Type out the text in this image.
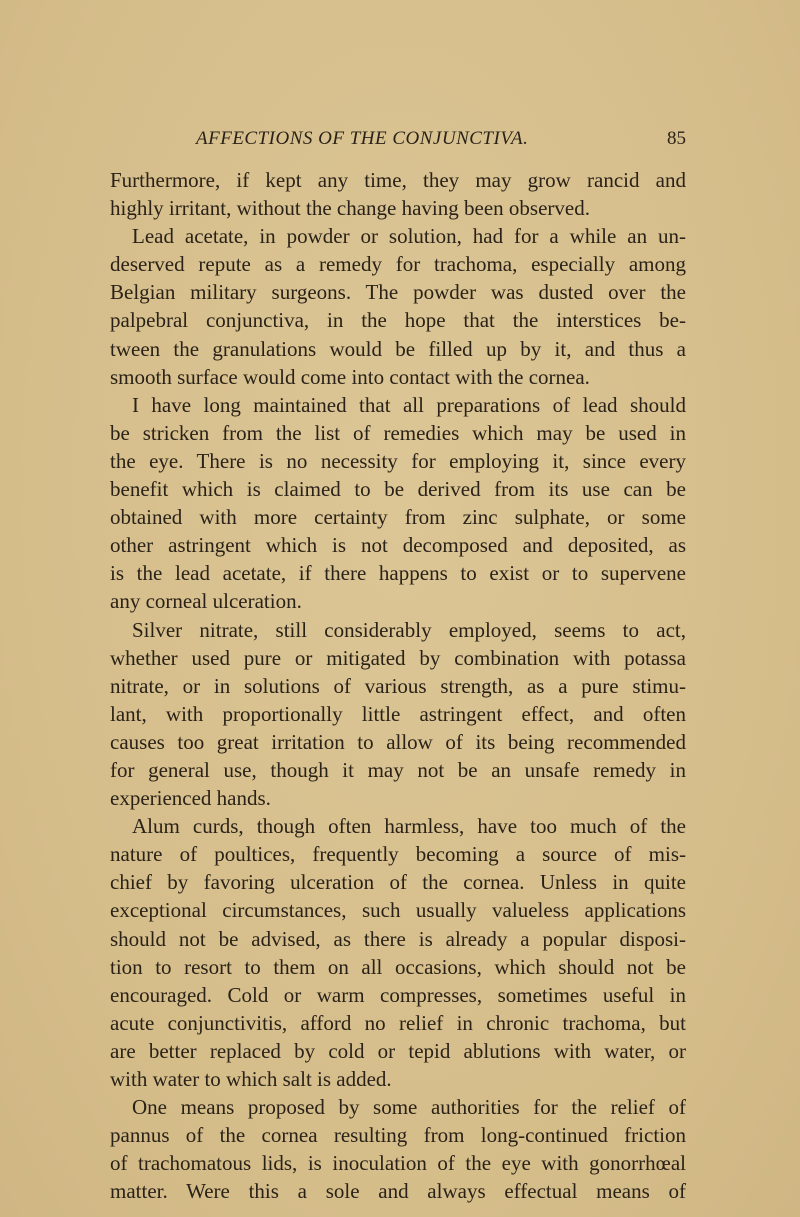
AFFECTIONS OF THE CONJUNCTIVA.	85
Furthermore, if kept any time, they may grow rancid and
highly irritant, without the change having been observed.
Lead acetate, in powder or solution, had for a while an un-
deserved repute as a remedy for trachoma, especially among
Belgian military surgeons. The powder was dusted over the
palpebral conjunctiva, in the hope that the interstices be-
tween the granulations would be filled up by it, and thus a
smooth surface would come into contact with the cornea.
I have long maintained that all preparations of lead should
be stricken from the list of remedies which may be used in
the eye. There is no necessity for employing it, since every
benefit which is claimed to be derived from its use can be
obtained with more certainty from zinc sulphate, or some
other astringent which is not decomposed and deposited, as
is the lead acetate, if there happens to exist or to supervene
any corneal ulceration.
Silver nitrate, still considerably employed, seems to act,
whether used pure or mitigated by combination with potassa
nitrate, or in solutions of various strength, as a pure stimu-
lant, with proportionally little astringent effect, and often
causes too great irritation to allow of its being recommended
for general use, though it may not be an unsafe remedy in
experienced hands.
Alum curds, though often harmless, have too much of the
nature of poultices, frequently becoming a source of mis-
chief by favoring ulceration of the cornea. Unless in quite
exceptional circumstances, such usually valueless applications
should not be advised, as there is already a popular disposi-
tion to resort to them on all occasions, which should not be
encouraged. Cold or warm compresses, sometimes useful in
acute conjunctivitis, afford no relief in chronic trachoma, but
are better replaced by cold or tepid ablutions with water, or
with water to which salt is added.
One means proposed by some authorities for the relief of
pannus of the cornea resulting from long-continued friction
of trachomatous lids, is inoculation of the eye with gonorrhœal
matter. Were this a sole and always effectual means of
